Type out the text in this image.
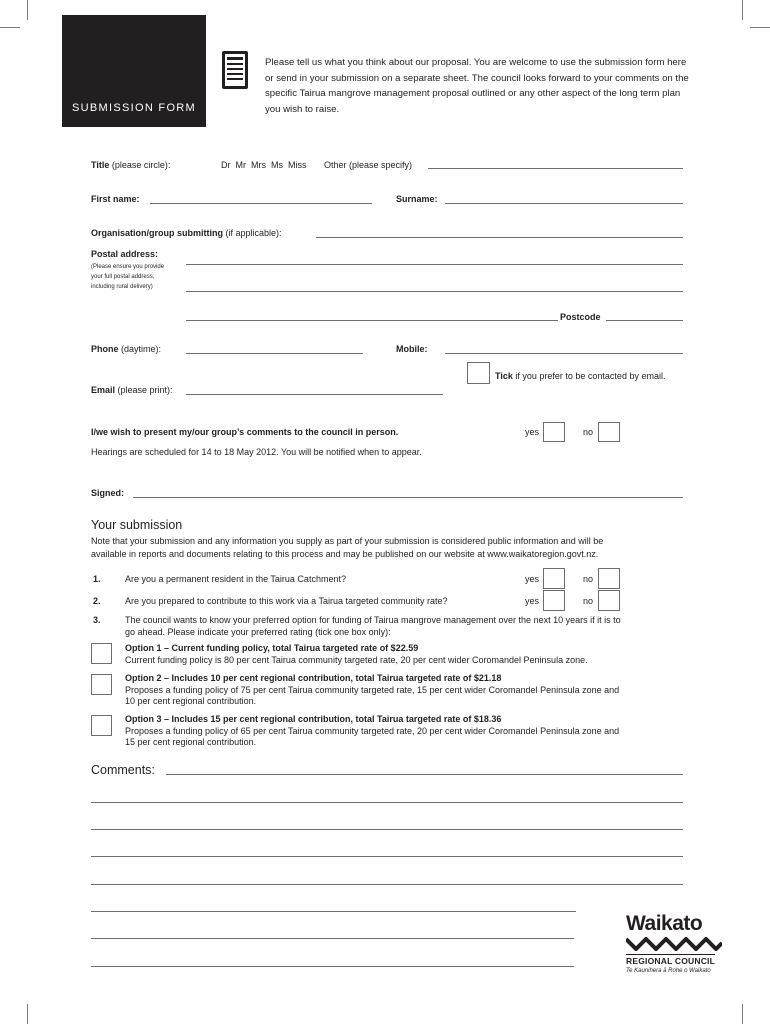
SUBMISSION FORM
Please tell us what you think about our proposal. You are welcome to use the submission form here or send in your submission on a separate sheet. The council looks forward to your comments on the specific Tairua mangrove management proposal outlined or any other aspect of the long term plan you wish to raise.
Title (please circle):	Dr  Mr  Mrs  Ms  Miss Other (please specify)
First name:	Surname:
Organisation/group submitting (if applicable):
Postal address:
(Please ensure you provide
your full postal address,
including rural delivery)
Postcode
Phone (daytime):	Mobile:
Tick if you prefer to be contacted by email.
Email (please print):
I/we wish to present my/our group’s comments to the council in person.	yes	no
Hearings are scheduled for 14 to 18 May 2012. You will be notified when to appear.
Signed:
Your submission
Note that your submission and any information you supply as part of your submission is considered public information and will be
available in reports and documents relating to this process and may be published on our website at www.waikatoregion.govt.nz.
1.	Are you a permanent resident in the Tairua Catchment?	yes	no
2.	Are you prepared to contribute to this work via a Tairua targeted community rate?	yes	no
3.	The council wants to know your preferred option for funding of Tairua mangrove management over the next 10 years if it is to
go ahead. Please indicate your preferred rating (tick one box only):
Option 1 – Current funding policy, total Tairua targeted rate of $22.59
Current funding policy is 80 per cent Tairua community targeted rate, 20 per cent wider Coromandel Peninsula zone.
Option 2 – Includes 10 per cent regional contribution, total Tairua targeted rate of $21.18
Proposes a funding policy of 75 per cent Tairua community targeted rate, 15 per cent wider Coromandel Peninsula zone and
10 per cent regional contribution.
Option 3 – Includes 15 per cent regional contribution, total Tairua targeted rate of $18.36
Proposes a funding policy of 65 per cent Tairua community targeted rate, 20 per cent wider Coromandel Peninsula zone and
15 per cent regional contribution.
Comments:
Waikato
REGIONAL COUNCIL
Te Kaunihera ā Rohe o Waikato
